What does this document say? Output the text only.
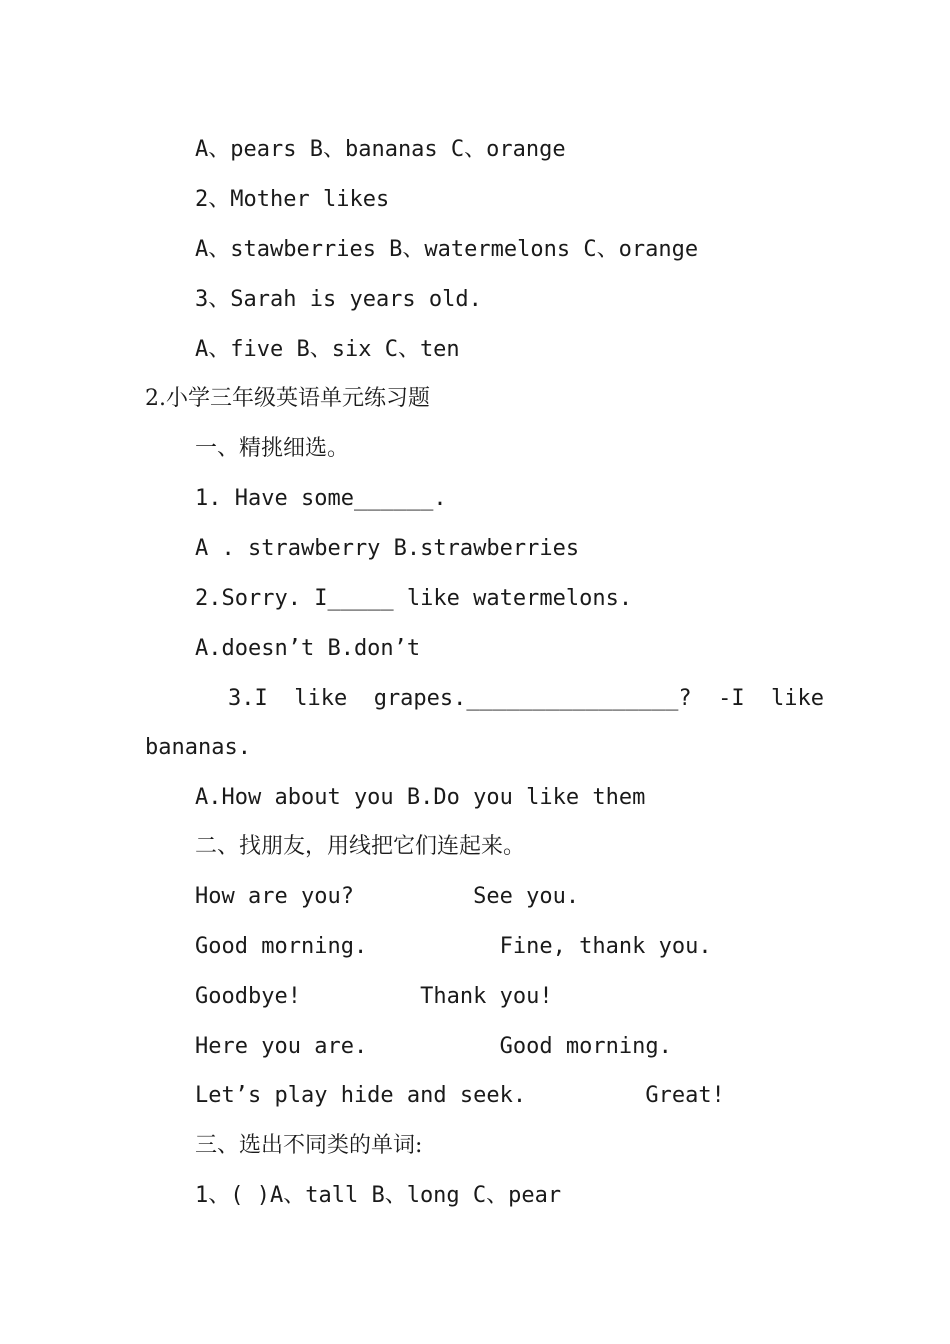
A、pears B、bananas C、orange
2、Mother likes
A、stawberries B、watermelons C、orange
3、Sarah is years old.
A、five B、six C、ten
2.小学三年级英语单元练习题
一、精挑细选。
1. Have some______.
A . strawberry B.strawberries
2.Sorry. I_____ like watermelons.
A.doesn’t B.don’t
3.I  like  grapes.________________?  -I  like
bananas.
A.How about you B.Do you like them
二、找朋友，用线把它们连起来。
How are you?         See you.
Good morning.          Fine, thank you.
Goodbye!         Thank you!
Here you are.          Good morning.
Let’s play hide and seek.         Great!
三、选出不同类的单词:
1、( )A、tall B、long C、pear
